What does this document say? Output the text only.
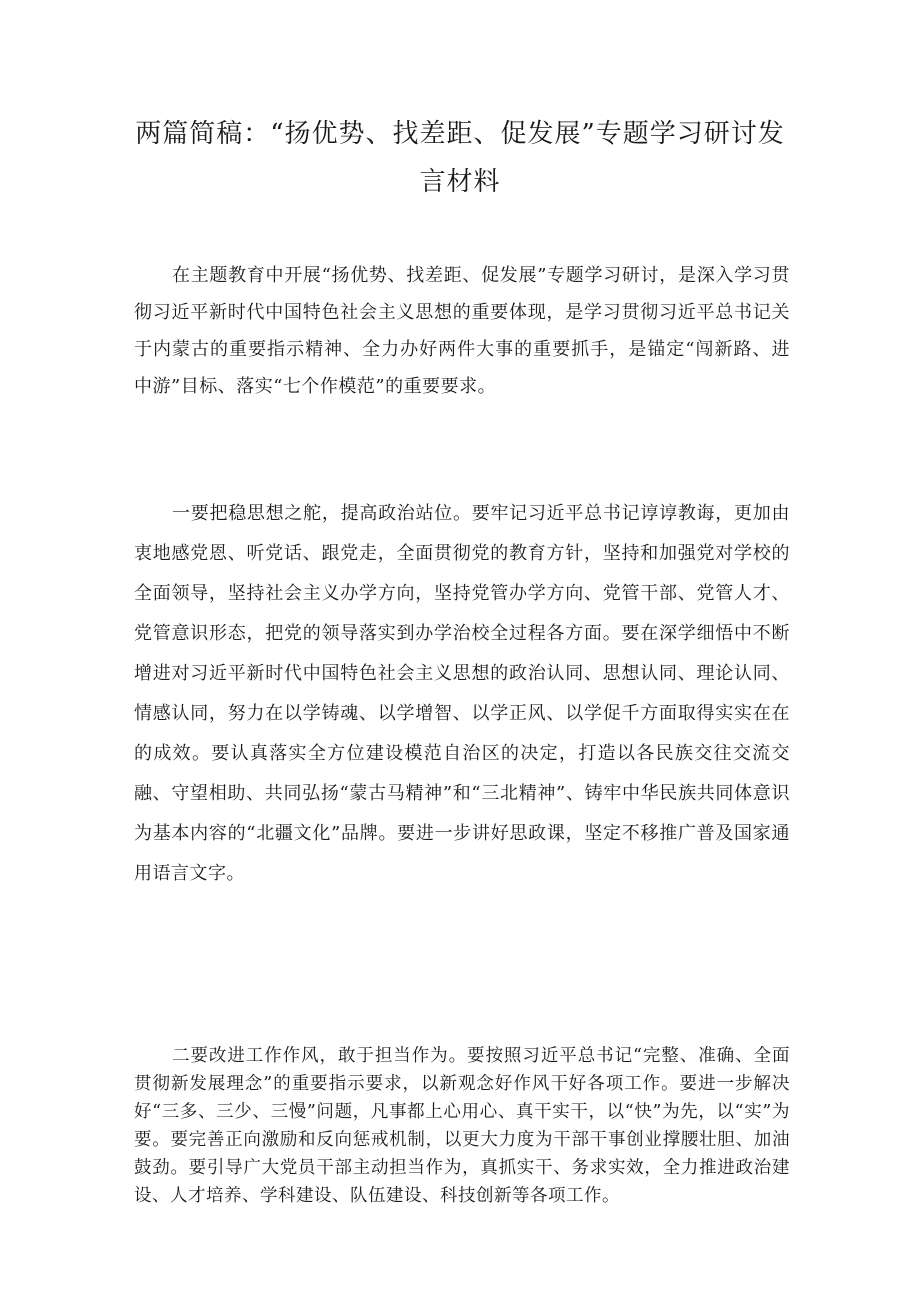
两篇简稿：“扬优势、找差距、促发展”专题学习研讨发言材料

在主题教育中开展“扬优势、找差距、促发展”专题学习研讨，是深入学习贯彻习近平新时代中国特色社会主义思想的重要体现，是学习贯彻习近平总书记关于内蒙古的重要指示精神、全力办好两件大事的重要抓手，是锚定“闯新路、进中游”目标、落实“七个作模范”的重要要求。

一要把稳思想之舵，提高政治站位。要牢记习近平总书记谆谆教诲，更加由衷地感党恩、听党话、跟党走，全面贯彻党的教育方针，坚持和加强党对学校的全面领导，坚持社会主义办学方向，坚持党管办学方向、党管干部、党管人才、党管意识形态，把党的领导落实到办学治校全过程各方面。要在深学细悟中不断增进对习近平新时代中国特色社会主义思想的政治认同、思想认同、理论认同、情感认同，努力在以学铸魂、以学增智、以学正风、以学促千方面取得实实在在的成效。要认真落实全方位建设模范自治区的决定，打造以各民族交往交流交融、守望相助、共同弘扬“蒙古马精神”和“三北精神”、铸牢中华民族共同体意识为基本内容的“北疆文化”品牌。要进一步讲好思政课，坚定不移推广普及国家通用语言文字。

二要改进工作作风，敢于担当作为。要按照习近平总书记“完整、准确、全面贯彻新发展理念”的重要指示要求，以新观念好作风干好各项工作。要进一步解决好“三多、三少、三慢”问题，凡事都上心用心、真干实干，以“快”为先，以“实”为要。要完善正向激励和反向惩戒机制，以更大力度为干部干事创业撑腰壮胆、加油鼓劲。要引导广大党员干部主动担当作为，真抓实干、务求实效，全力推进政治建设、人才培养、学科建设、队伍建设、科技创新等各项工作。
